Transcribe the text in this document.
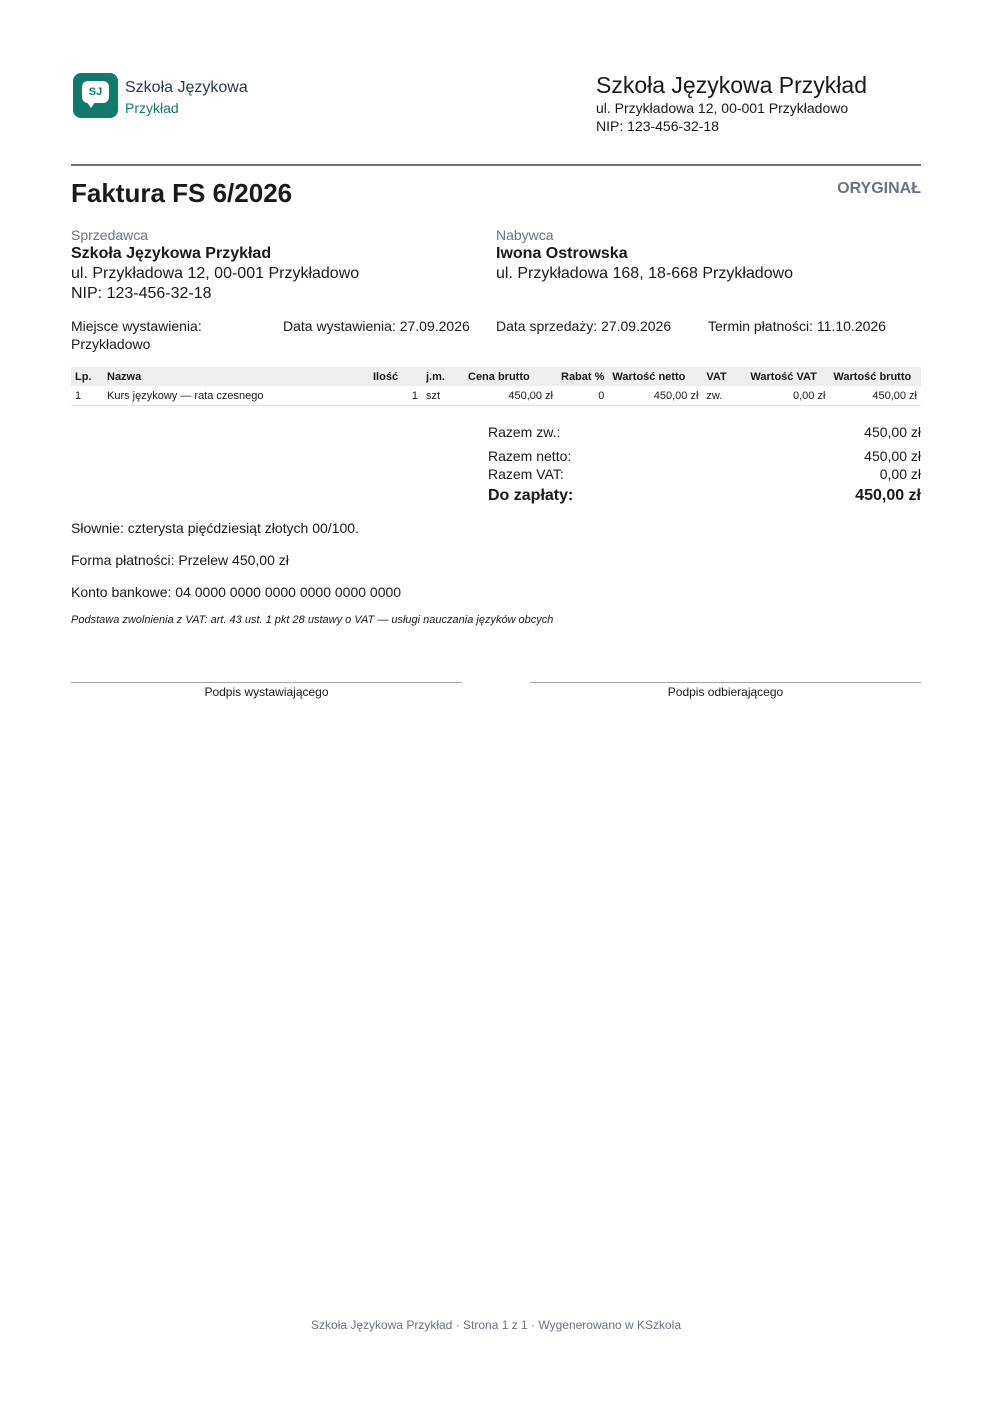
SJ	Szkoła Językowa
Przykład
Szkoła Językowa Przykład
ul. Przykładowa 12, 00-001 Przykładowo
NIP: 123-456-32-18
Faktura FS 6/2026	ORYGINAŁ
Sprzedawca
Szkoła Językowa Przykład
ul. Przykładowa 12, 00-001 Przykładowo
NIP: 123-456-32-18
Nabywca
Iwona Ostrowska
ul. Przykładowa 168, 18-668 Przykładowo
Miejsce wystawienia:
Przykładowo
Data wystawienia: 27.09.2026 Data sprzedaży: 27.09.2026	Termin płatności: 11.10.2026
Lp.	Nazwa	Ilość	j.m.	Cena brutto	Rabat %	Wartość netto	VAT	Wartość VAT	Wartość brutto
1	Kurs językowy — rata czesnego	1	szt	450,00 zł	0	450,00 zł	zw.	0,00 zł	450,00 zł
Razem zw.:	450,00 zł
Razem netto:	450,00 zł
Razem VAT:	0,00 zł
Do zapłaty:	450,00 zł
Słownie: czterysta pięćdziesiąt złotych 00/100.
Forma płatności: Przelew 450,00 zł
Konto bankowe: 04 0000 0000 0000 0000 0000 0000
Podstawa zwolnienia z VAT: art. 43 ust. 1 pkt 28 ustawy o VAT — usługi nauczania języków obcych
Podpis wystawiającego	Podpis odbierającego
Szkoła Językowa Przykład · Strona 1 z 1 · Wygenerowano w KSzkola
